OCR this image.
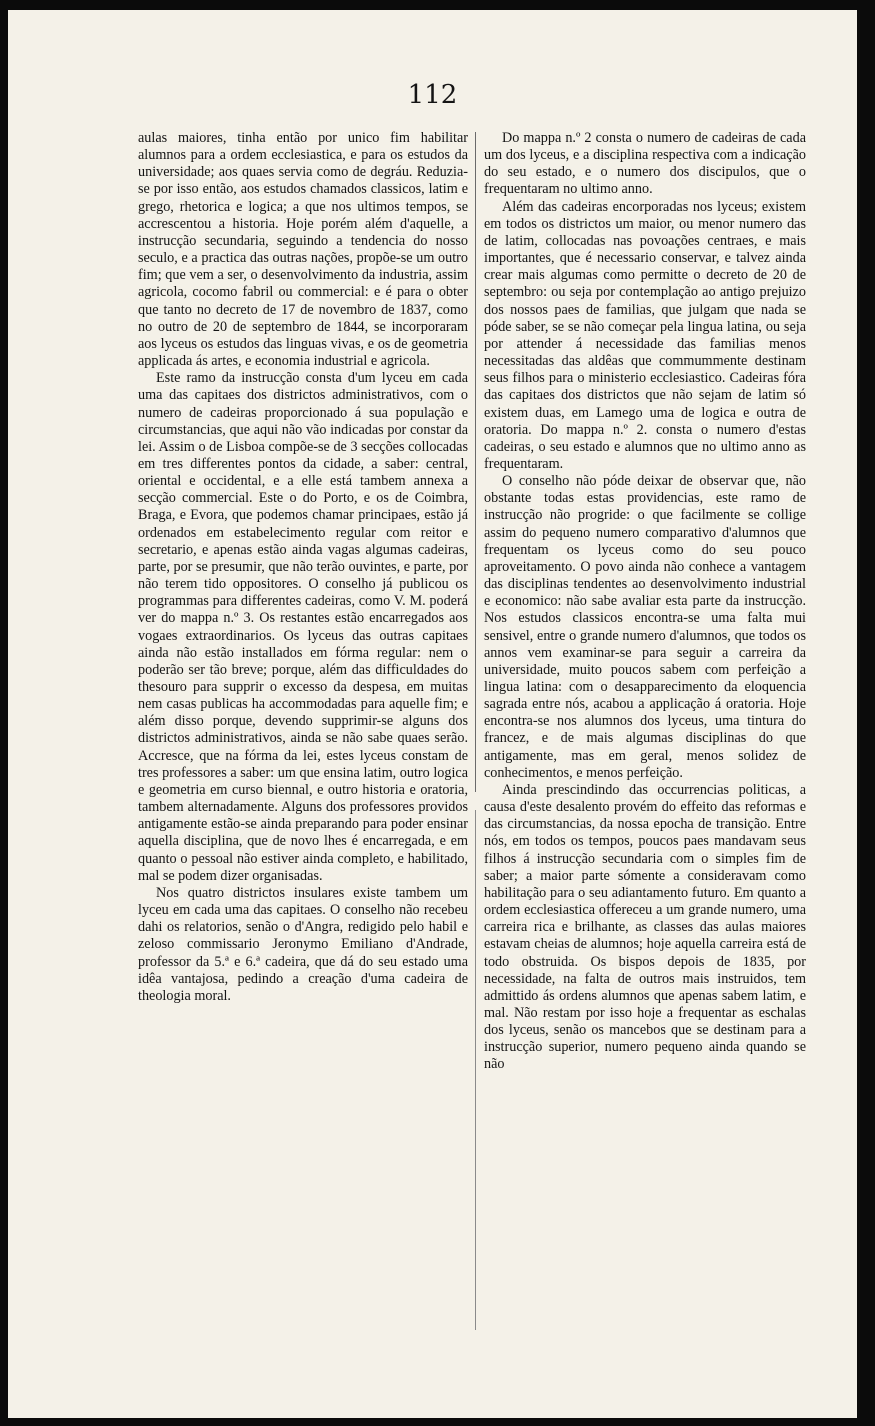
112

aulas maiores, tinha então por unico fim habilitar alumnos para a ordem ecclesiastica, e para os estudos da universidade; aos quaes servia como de degráu. Reduzia-se por isso então, aos estudos chamados classicos, latim e grego, rhetorica e logica; a que nos ultimos tempos, se accrescentou a historia. Hoje porém além d'aquelle, a instrucção secundaria, seguindo a tendencia do nosso seculo, e a practica das outras nações, propõe-se um outro fim; que vem a ser, o desenvolvimento da industria, assim agricola, cocomo fabril ou commercial: e é para o obter que tanto no decreto de 17 de novembro de 1837, como no outro de 20 de septembro de 1844, se incorporaram aos lyceus os estudos das linguas vivas, e os de geometria applicada ás artes, e economia industrial e agricola.

Este ramo da instrucção consta d'um lyceu em cada uma das capitaes dos districtos administrativos, com o numero de cadeiras proporcionado á sua população e circumstancias, que aqui não vão indicadas por constar da lei. Assim o de Lisboa compõe-se de 3 secções collocadas em tres differentes pontos da cidade, a saber: central, oriental e occidental, e a elle está tambem annexa a secção commercial. Este o do Porto, e os de Coimbra, Braga, e Evora, que podemos chamar principaes, estão já ordenados em estabelecimento regular com reitor e secretario, e apenas estão ainda vagas algumas cadeiras, parte, por se presumir, que não terão ouvintes, e parte, por não terem tido oppositores. O conselho já publicou os programmas para differentes cadeiras, como V. M. poderá ver do mappa n.º 3. Os restantes estão encarregados aos vogaes extraordinarios. Os lyceus das outras capitaes ainda não estão installados em fórma regular: nem o poderão ser tão breve; porque, além das difficuldades do thesouro para supprir o excesso da despesa, em muitas nem casas publicas ha accommodadas para aquelle fim; e além disso porque, devendo supprimir-se alguns dos districtos administrativos, ainda se não sabe quaes serão. Accresce, que na fórma da lei, estes lyceus constam de tres professores a saber: um que ensina latim, outro logica e geometria em curso biennal, e outro historia e oratoria, tambem alternadamente. Alguns dos professores providos antigamente estão-se ainda preparando para poder ensinar aquella disciplina, que de novo lhes é encarregada, e em quanto o pessoal não estiver ainda completo, e habilitado, mal se podem dizer organisadas.

Nos quatro districtos insulares existe tambem um lyceu em cada uma das capitaes. O conselho não recebeu dahi os relatorios, senão o d'Angra, redigido pelo habil e zeloso commissario Jeronymo Emiliano d'Andrade, professor da 5.ª e 6.ª cadeira, que dá do seu estado uma idêa vantajosa, pedindo a creação d'uma cadeira de theologia moral.

Do mappa n.º 2 consta o numero de cadeiras de cada um dos lyceus, e a disciplina respectiva com a indicação do seu estado, e o numero dos discipulos, que o frequentaram no ultimo anno.

Além das cadeiras encorporadas nos lyceus; existem em todos os districtos um maior, ou menor numero das de latim, collocadas nas povoações centraes, e mais importantes, que é necessario conservar, e talvez ainda crear mais algumas como permitte o decreto de 20 de septembro: ou seja por contemplação ao antigo prejuizo dos nossos paes de familias, que julgam que nada se póde saber, se se não começar pela lingua latina, ou seja por attender á necessidade das familias menos necessitadas das aldêas que commummente destinam seus filhos para o ministerio ecclesiastico. Cadeiras fóra das capitaes dos districtos que não sejam de latim só existem duas, em Lamego uma de logica e outra de oratoria. Do mappa n.º 2. consta o numero d'estas cadeiras, o seu estado e alumnos que no ultimo anno as frequentaram.

O conselho não póde deixar de observar que, não obstante todas estas providencias, este ramo de instrucção não progride: o que facilmente se collige assim do pequeno numero comparativo d'alumnos que frequentam os lyceus como do seu pouco aproveitamento. O povo ainda não conhece a vantagem das disciplinas tendentes ao desenvolvimento industrial e economico: não sabe avaliar esta parte da instrucção. Nos estudos classicos encontra-se uma falta mui sensivel, entre o grande numero d'alumnos, que todos os annos vem examinar-se para seguir a carreira da universidade, muito poucos sabem com perfeição a lingua latina: com o desapparecimento da eloquencia sagrada entre nós, acabou a applicação á oratoria. Hoje encontra-se nos alumnos dos lyceus, uma tintura do francez, e de mais algumas disciplinas do que antigamente, mas em geral, menos solidez de conhecimentos, e menos perfeição.

Ainda prescindindo das occurrencias politicas, a causa d'este desalento provém do effeito das reformas e das circumstancias, da nossa epocha de transição. Entre nós, em todos os tempos, poucos paes mandavam seus filhos á instrucção secundaria com o simples fim de saber; a maior parte sómente a consideravam como habilitação para o seu adiantamento futuro. Em quanto a ordem ecclesiastica offereceu a um grande numero, uma carreira rica e brilhante, as classes das aulas maiores estavam cheias de alumnos; hoje aquella carreira está de todo obstruida. Os bispos depois de 1835, por necessidade, na falta de outros mais instruidos, tem admittido ás ordens alumnos que apenas sabem latim, e mal. Não restam por isso hoje a frequentar as eschalas dos lyceus, senão os mancebos que se destinam para a instrucção superior, numero pequeno ainda quando se não
